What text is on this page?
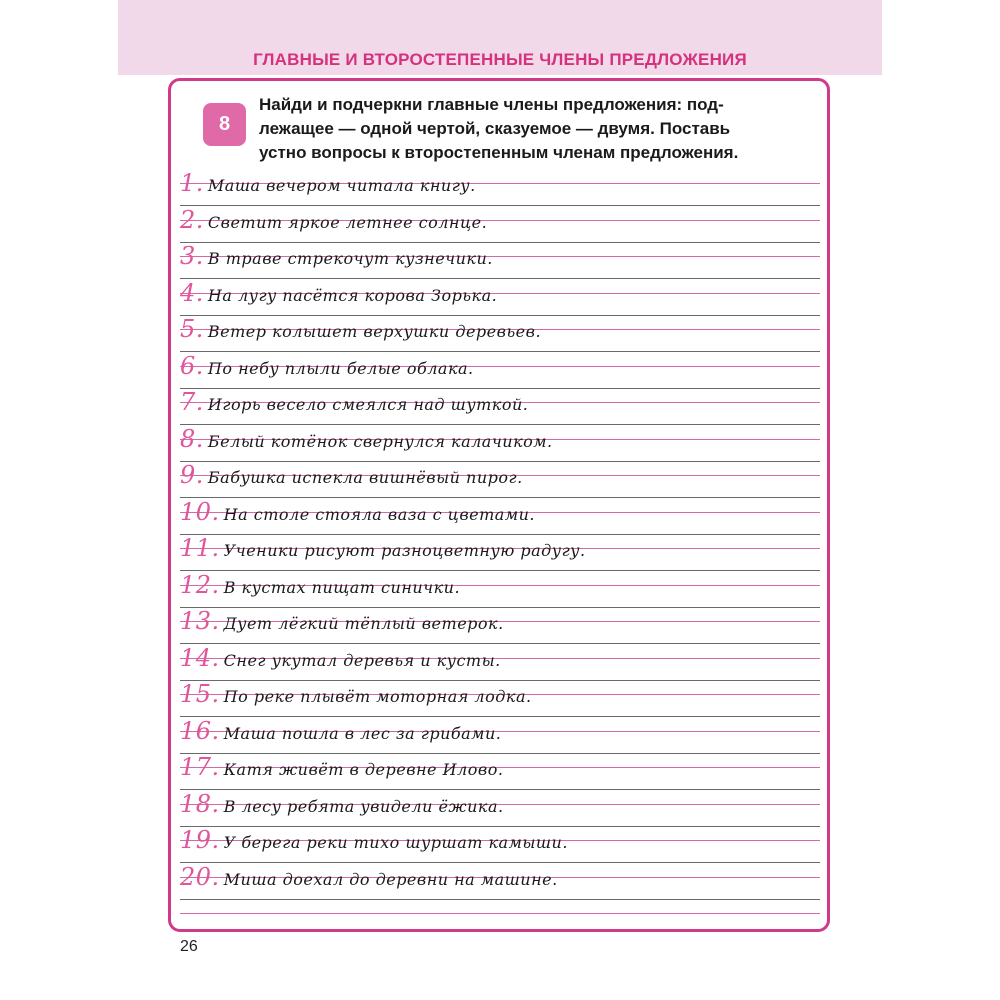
ГЛАВНЫЕ И ВТОРОСТЕПЕННЫЕ ЧЛЕНЫ ПРЕДЛОЖЕНИЯ
8
Найди и подчеркни главные члены предложения: под-
лежащее — одной чертой, сказуемое — двумя. Поставь
устно вопросы к второстепенным членам предложения.
1. Маша вечером читала книгу.
2. Светит яркое летнее солнце.
3. В траве стрекочут кузнечики.
4. На лугу пасётся корова Зорька.
5. Ветер колышет верхушки деревьев.
6. По небу плыли белые облака.
7. Игорь весело смеялся над шуткой.
8. Белый котёнок свернулся калачиком.
9. Бабушка испекла вишнёвый пирог.
10. На столе стояла ваза с цветами.
11. Ученики рисуют разноцветную радугу.
12. В кустах пищат синички.
13. Дует лёгкий тёплый ветерок.
14. Снег укутал деревья и кусты.
15. По реке плывёт моторная лодка.
16. Маша пошла в лес за грибами.
17. Катя живёт в деревне Илово.
18. В лесу ребята увидели ёжика.
19. У берега реки тихо шуршат камыши.
20. Миша доехал до деревни на машине.
26
